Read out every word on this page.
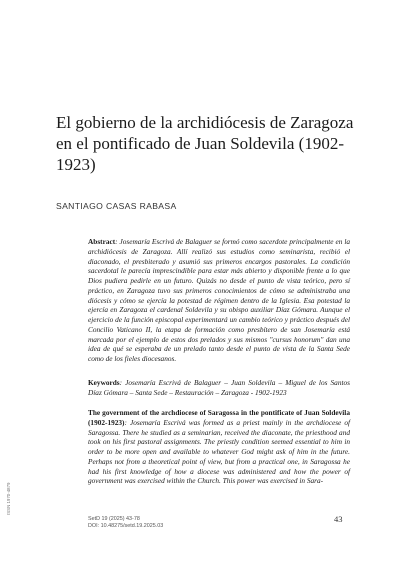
El gobierno de la archidiócesis de Zaragoza en el pontificado de Juan Soldevila (1902-1923)
SANTIAGO CASAS RABASA

Abstract: Josemaría Escrivá de Balaguer se formó como sacerdote principalmente en la archidiócesis de Zaragoza. Allí realizó sus estudios como seminarista, recibió el diaconado, el presbiterado y asumió sus primeros encargos pastorales. La condición sacerdotal le parecía imprescindible para estar más abierto y disponible frente a lo que Dios pudiera pedirle en un futuro. Quizás no desde el punto de vista teórico, pero sí práctico, en Zaragoza tuvo sus primeros conocimientos de cómo se administraba una diócesis y cómo se ejercía la potestad de régimen dentro de la Iglesia. Esa potestad la ejercía en Zaragoza el cardenal Soldevila y su obispo auxiliar Díaz Gómara. Aunque el ejercicio de la función episcopal experimentará un cambio teórico y práctico después del Concilio Vaticano II, la etapa de formación como presbítero de san Josemaría está marcada por el ejemplo de estos dos prelados y sus mismos "cursus honorum" dan una idea de qué se esperaba de un prelado tanto desde el punto de vista de la Santa Sede como de los fieles diocesanos.

Keywords: Josemaría Escrivá de Balaguer – Juan Soldevila – Miguel de los Santos Díaz Gómara – Santa Sede – Restauración – Zaragoza - 1902-1923

The government of the archdiocese of Saragossa in the pontificate of Juan Soldevila (1902-1923): Josemaría Escrivá was formed as a priest mainly in the archdiocese of Saragossa. There he studied as a seminarian, received the diaconate, the priesthood and took on his first pastoral assignments. The priestly condition seemed essential to him in order to be more open and available to whatever God might ask of him in the future. Perhaps not from a theoretical point of view, but from a practical one, in Saragossa he had his first knowledge of how a diocese was administered and how the power of government was exercised within the Church. This power was exercised in Sara-

ISSN 1970-4879
SetD 19 (2025) 43-78
DOI: 10.48275/setd.19.2025.03
43
